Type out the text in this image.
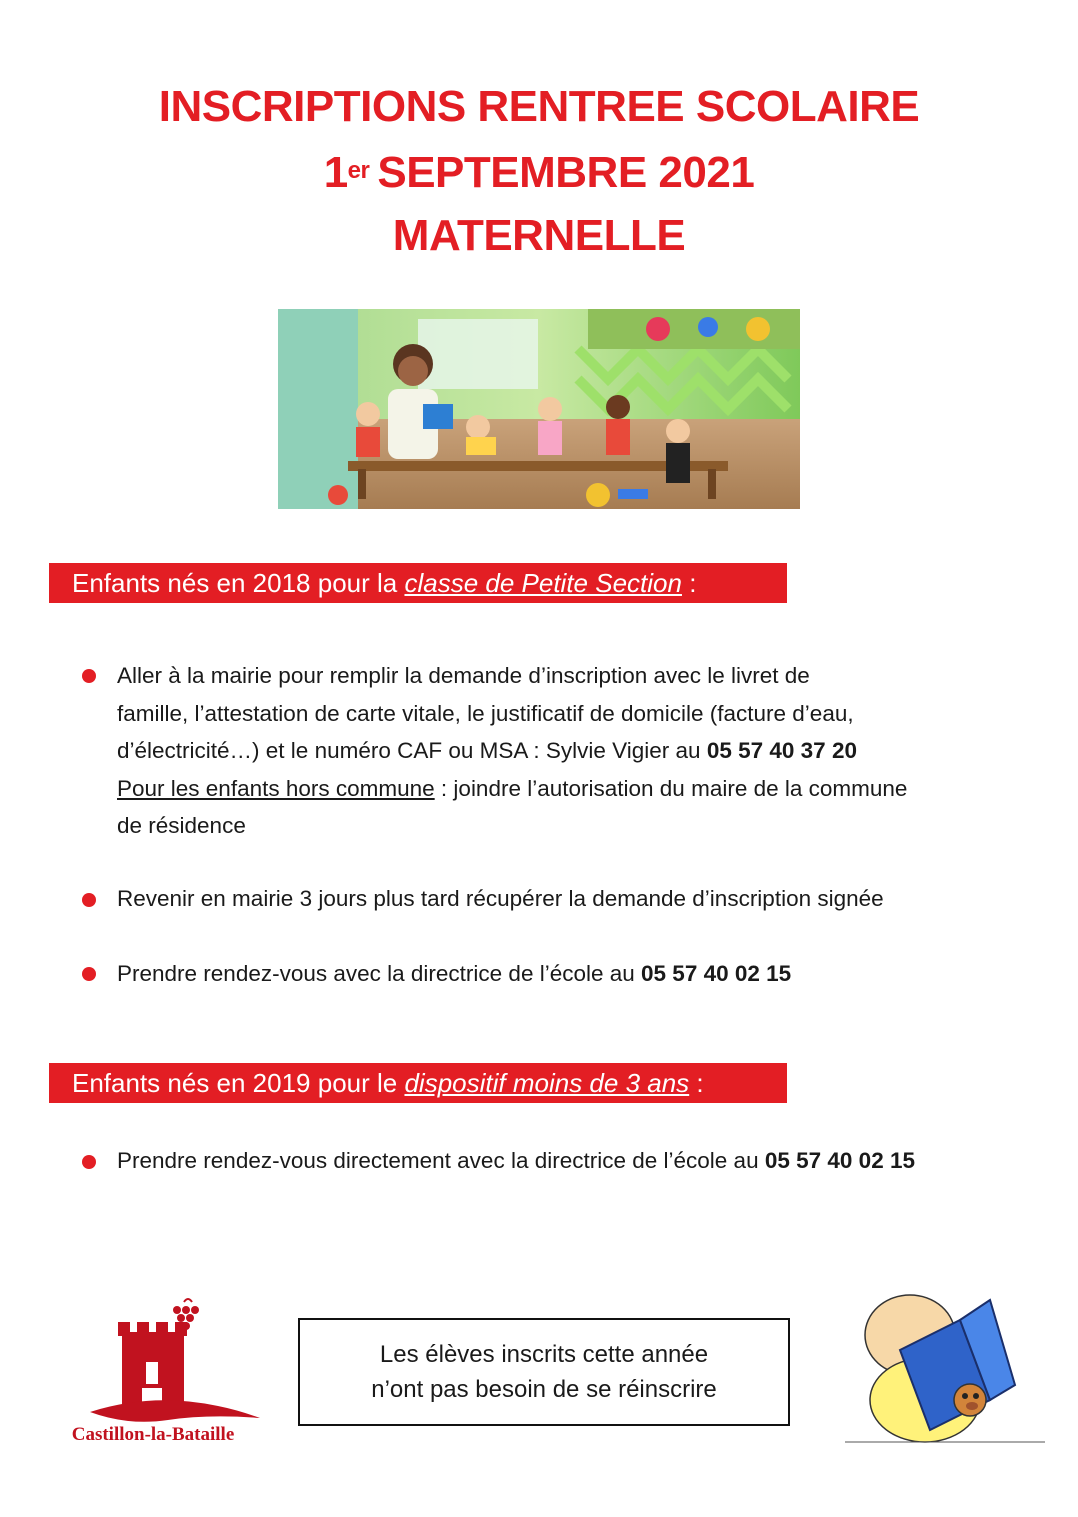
INSCRIPTIONS RENTREE SCOLAIRE
1er SEPTEMBRE 2021
MATERNELLE
Enfants nés en 2018 pour la classe de Petite Section :
Aller à la mairie pour remplir la demande d’inscription avec le livret de
famille, l’attestation de carte vitale, le justificatif de domicile (facture d’eau,
d’électricité…) et le numéro CAF ou MSA : Sylvie Vigier au 05 57 40 37 20
Pour les enfants hors commune : joindre l’autorisation du maire de la commune
de résidence
Revenir en mairie 3 jours plus tard récupérer la demande d’inscription signée
Prendre rendez-vous avec la directrice de l’école au 05 57 40 02 15
Enfants nés en 2019 pour le dispositif moins de 3 ans :
Prendre rendez-vous directement avec la directrice de l’école au 05 57 40 02 15
Castillon-la-Bataille
Les élèves inscrits cette année
n’ont pas besoin de se réinscrire
